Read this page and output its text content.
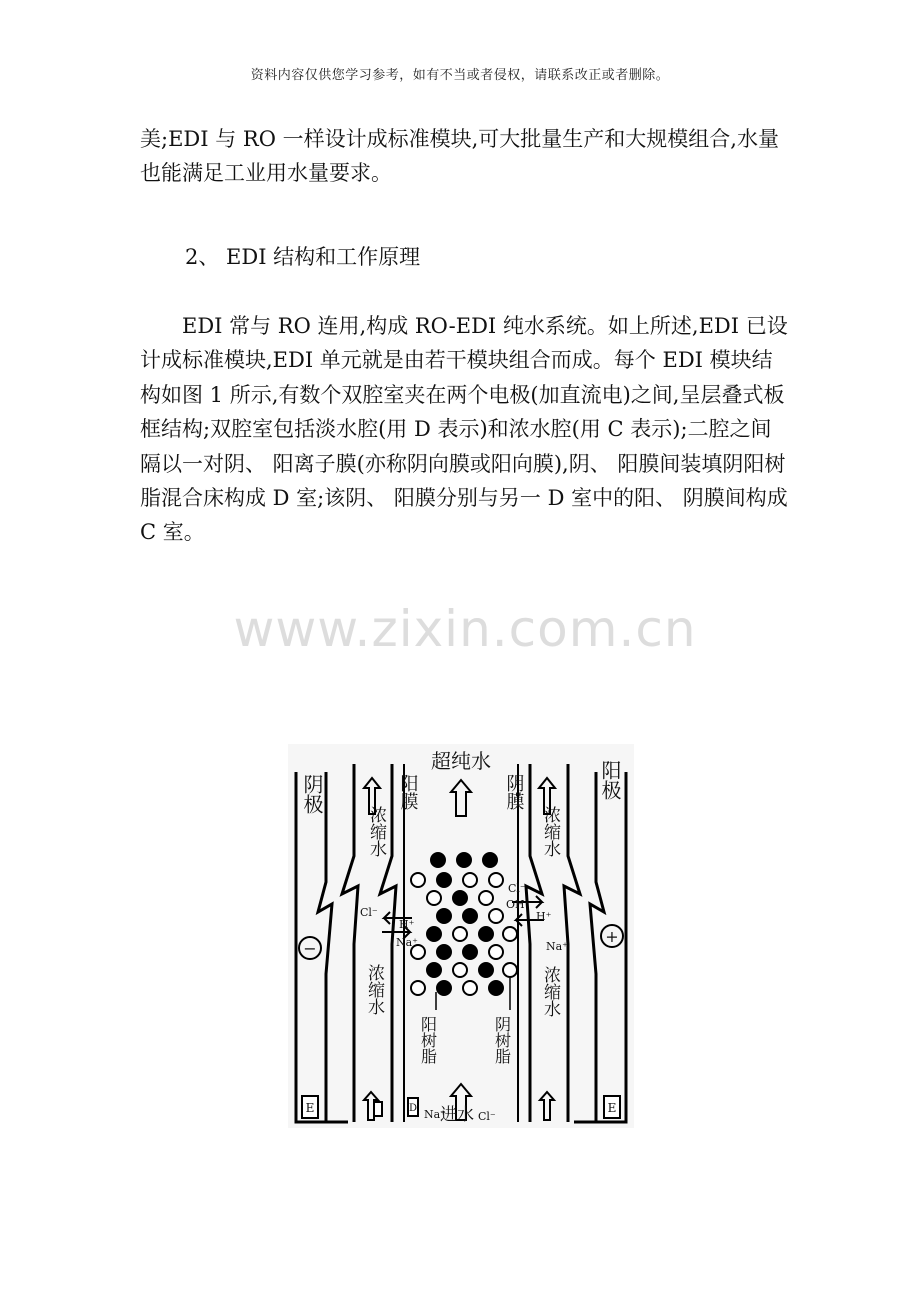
资料内容仅供您学习参考，如有不当或者侵权，请联系改正或者删除。

美;EDI 与 RO 一样设计成标准模块,可大批量生产和大规模组合,水量也能满足工业用水量要求。

2、 EDI 结构和工作原理

EDI 常与 RO 连用,构成 RO-EDI 纯水系统。如上所述,EDI 已设计成标准模块,EDI 单元就是由若干模块组合而成。每个 EDI 模块结构如图 1 所示,有数个双腔室夹在两个电极(加直流电)之间,呈层叠式板框结构;双腔室包括淡水腔(用 D 表示)和浓水腔(用 C 表示);二腔之间隔以一对阴、 阳离子膜(亦称阴向膜或阳向膜),阴、 阳膜间装填阴阳树脂混合床构成 D 室;该阴、 阳膜分别与另一 D 室中的阳、 阴膜间构成 C 室。

www.zixin.com.cn
−
+
阴极	阳极
超纯水
阳膜	阴膜
浓缩水
浓缩水
浓缩水
浓缩水
Cl⁻
H⁺
Na⁺
Cl⁻
OH⁻
H⁺
Na⁺
阳树脂	阴树脂
Na⁺
进水 Cl⁻
E	E
D
